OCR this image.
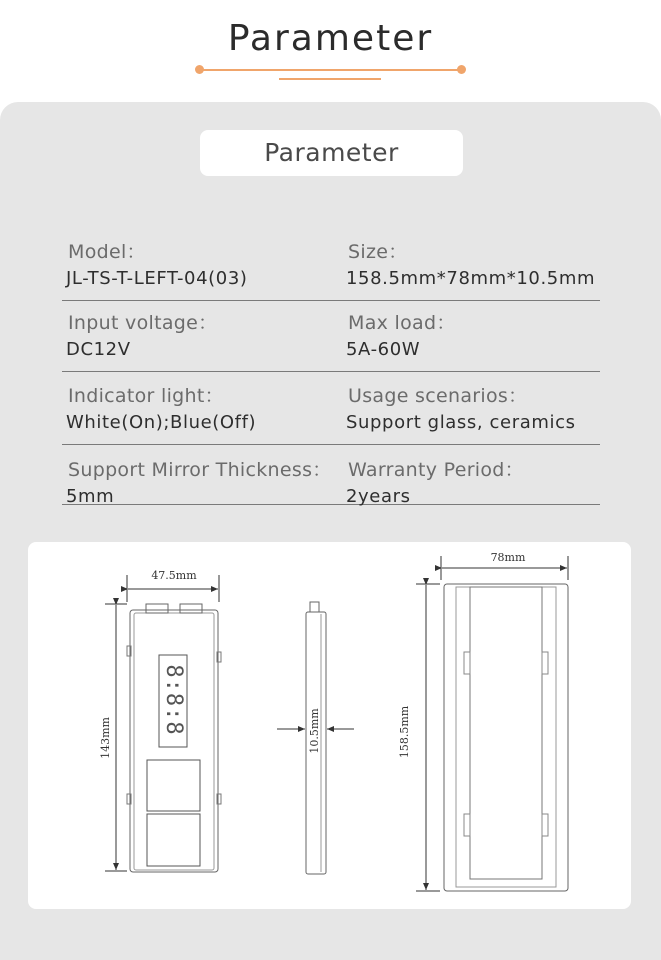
Parameter
Parameter
Model：
JL-TS-T-LEFT-04(03)
Size：
158.5mm*78mm*10.5mm
Input voltage：
DC12V
Max load：
5A-60W
Indicator light：
White(On);Blue(Off)
Usage scenarios：
Support glass, ceramics
Support Mirror Thickness：
5mm
Warranty Period：
2years
8:8:8
47.5mm
143mm	10.5mm
78mm
158.5mm
